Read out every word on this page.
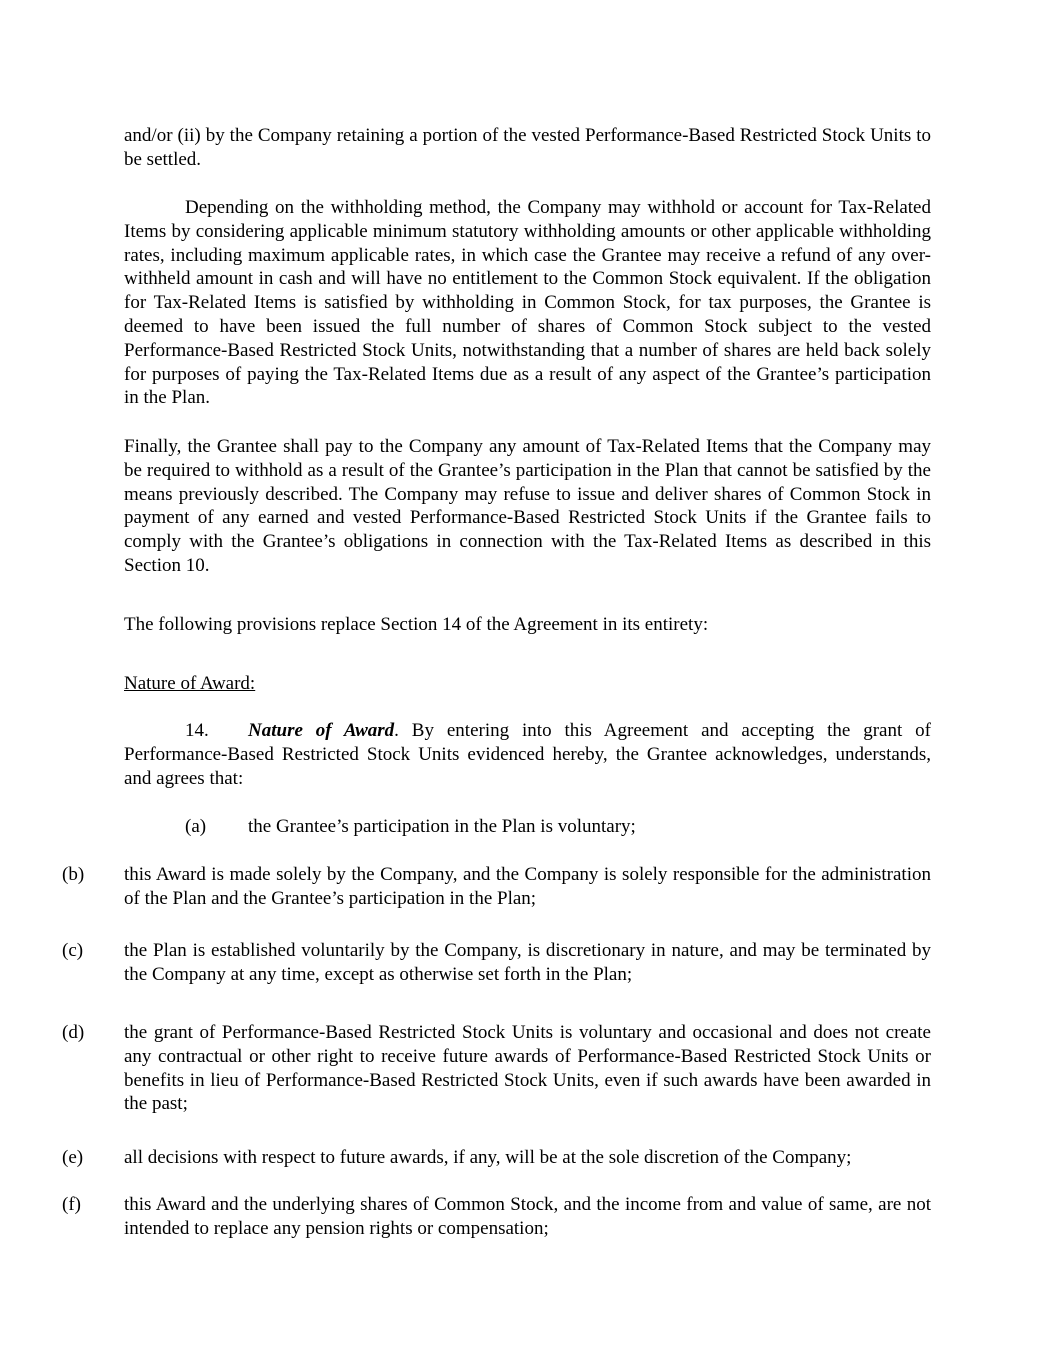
and/or (ii) by the Company retaining a portion of the vested Performance-Based Restricted Stock Units to be settled.

Depending on the withholding method, the Company may withhold or account for Tax-Related Items by considering applicable minimum statutory withholding amounts or other applicable withholding rates, including maximum applicable rates, in which case the Grantee may receive a refund of any over-withheld amount in cash and will have no entitlement to the Common Stock equivalent. If the obligation for Tax-Related Items is satisfied by withholding in Common Stock, for tax purposes, the Grantee is deemed to have been issued the full number of shares of Common Stock subject to the vested Performance-Based Restricted Stock Units, notwithstanding that a number of shares are held back solely for purposes of paying the Tax-Related Items due as a result of any aspect of the Grantee’s participation in the Plan.

Finally, the Grantee shall pay to the Company any amount of Tax-Related Items that the Company may be required to withhold as a result of the Grantee’s participation in the Plan that cannot be satisfied by the means previously described. The Company may refuse to issue and deliver shares of Common Stock in payment of any earned and vested Performance-Based Restricted Stock Units if the Grantee fails to comply with the Grantee’s obligations in connection with the Tax-Related Items as described in this Section 10.

The following provisions replace Section 14 of the Agreement in its entirety:

Nature of Award:

14. Nature of Award. By entering into this Agreement and accepting the grant of Performance-Based Restricted Stock Units evidenced hereby, the Grantee acknowledges, understands, and agrees that:

(a) the Grantee’s participation in the Plan is voluntary;
(b) this Award is made solely by the Company, and the Company is solely responsible for the administration of the Plan and the Grantee’s participation in the Plan;
(c) the Plan is established voluntarily by the Company, is discretionary in nature, and may be terminated by the Company at any time, except as otherwise set forth in the Plan;
(d) the grant of Performance-Based Restricted Stock Units is voluntary and occasional and does not create any contractual or other right to receive future awards of Performance-Based Restricted Stock Units or benefits in lieu of Performance-Based Restricted Stock Units, even if such awards have been awarded in the past;
(e) all decisions with respect to future awards, if any, will be at the sole discretion of the Company;
(f) this Award and the underlying shares of Common Stock, and the income from and value of same, are not intended to replace any pension rights or compensation;
